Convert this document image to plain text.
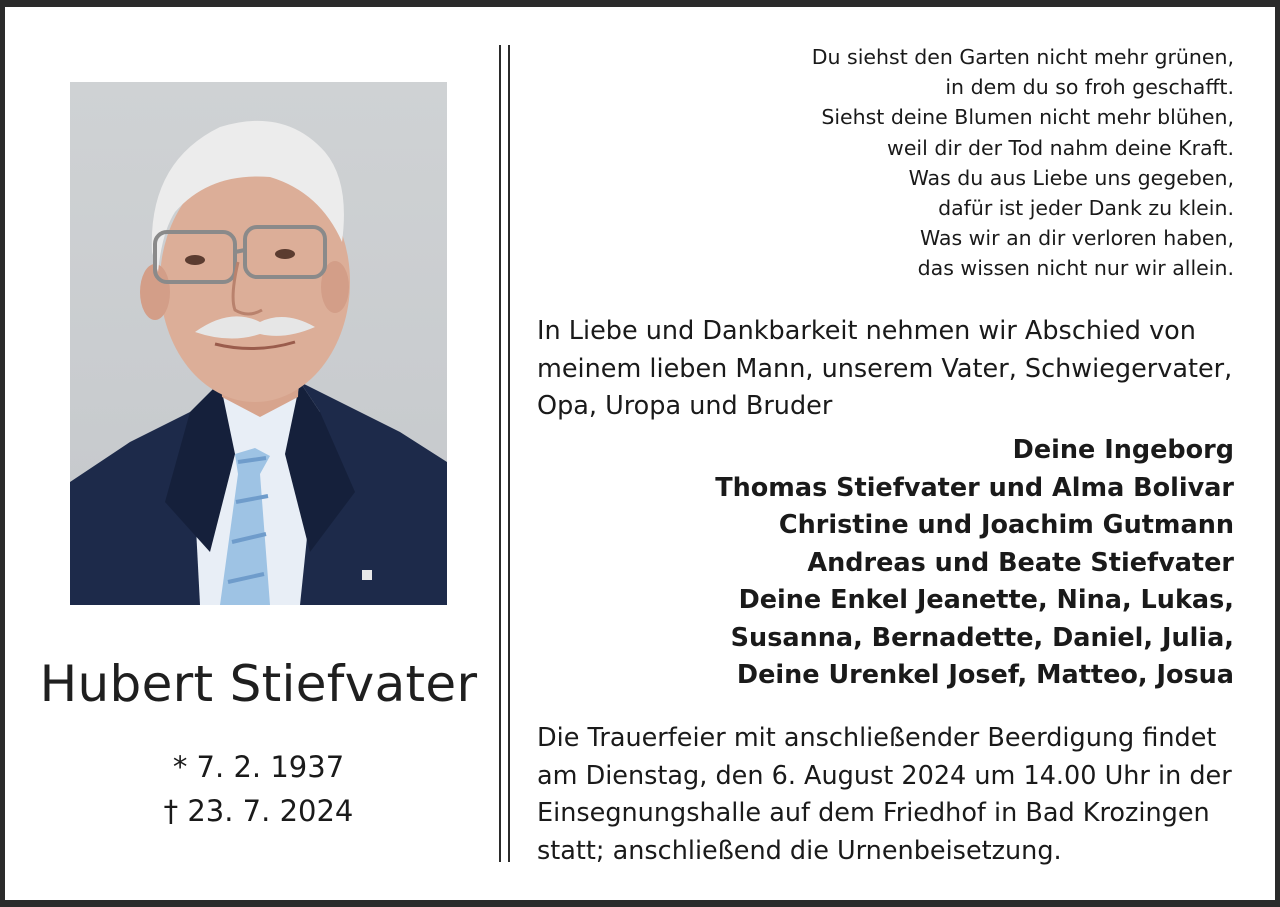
Hubert Stiefvater
* 7. 2. 1937
† 23. 7. 2024
Du siehst den Garten nicht mehr grünen,
in dem du so froh geschafft.
Siehst deine Blumen nicht mehr blühen,
weil dir der Tod nahm deine Kraft.
Was du aus Liebe uns gegeben,
dafür ist jeder Dank zu klein.
Was wir an dir verloren haben,
das wissen nicht nur wir allein.
In Liebe und Dankbarkeit nehmen wir Abschied von
meinem lieben Mann, unserem Vater, Schwiegervater,
Opa, Uropa und Bruder
Deine Ingeborg
Thomas Stiefvater und Alma Bolivar
Christine und Joachim Gutmann
Andreas und Beate Stiefvater
Deine Enkel Jeanette, Nina, Lukas,
Susanna, Bernadette, Daniel, Julia,
Deine Urenkel Josef, Matteo, Josua
Die Trauerfeier mit anschließender Beerdigung findet
am Dienstag, den 6. August 2024 um 14.00 Uhr in der
Einsegnungshalle auf dem Friedhof in Bad Krozingen
statt; anschließend die Urnenbeisetzung.
